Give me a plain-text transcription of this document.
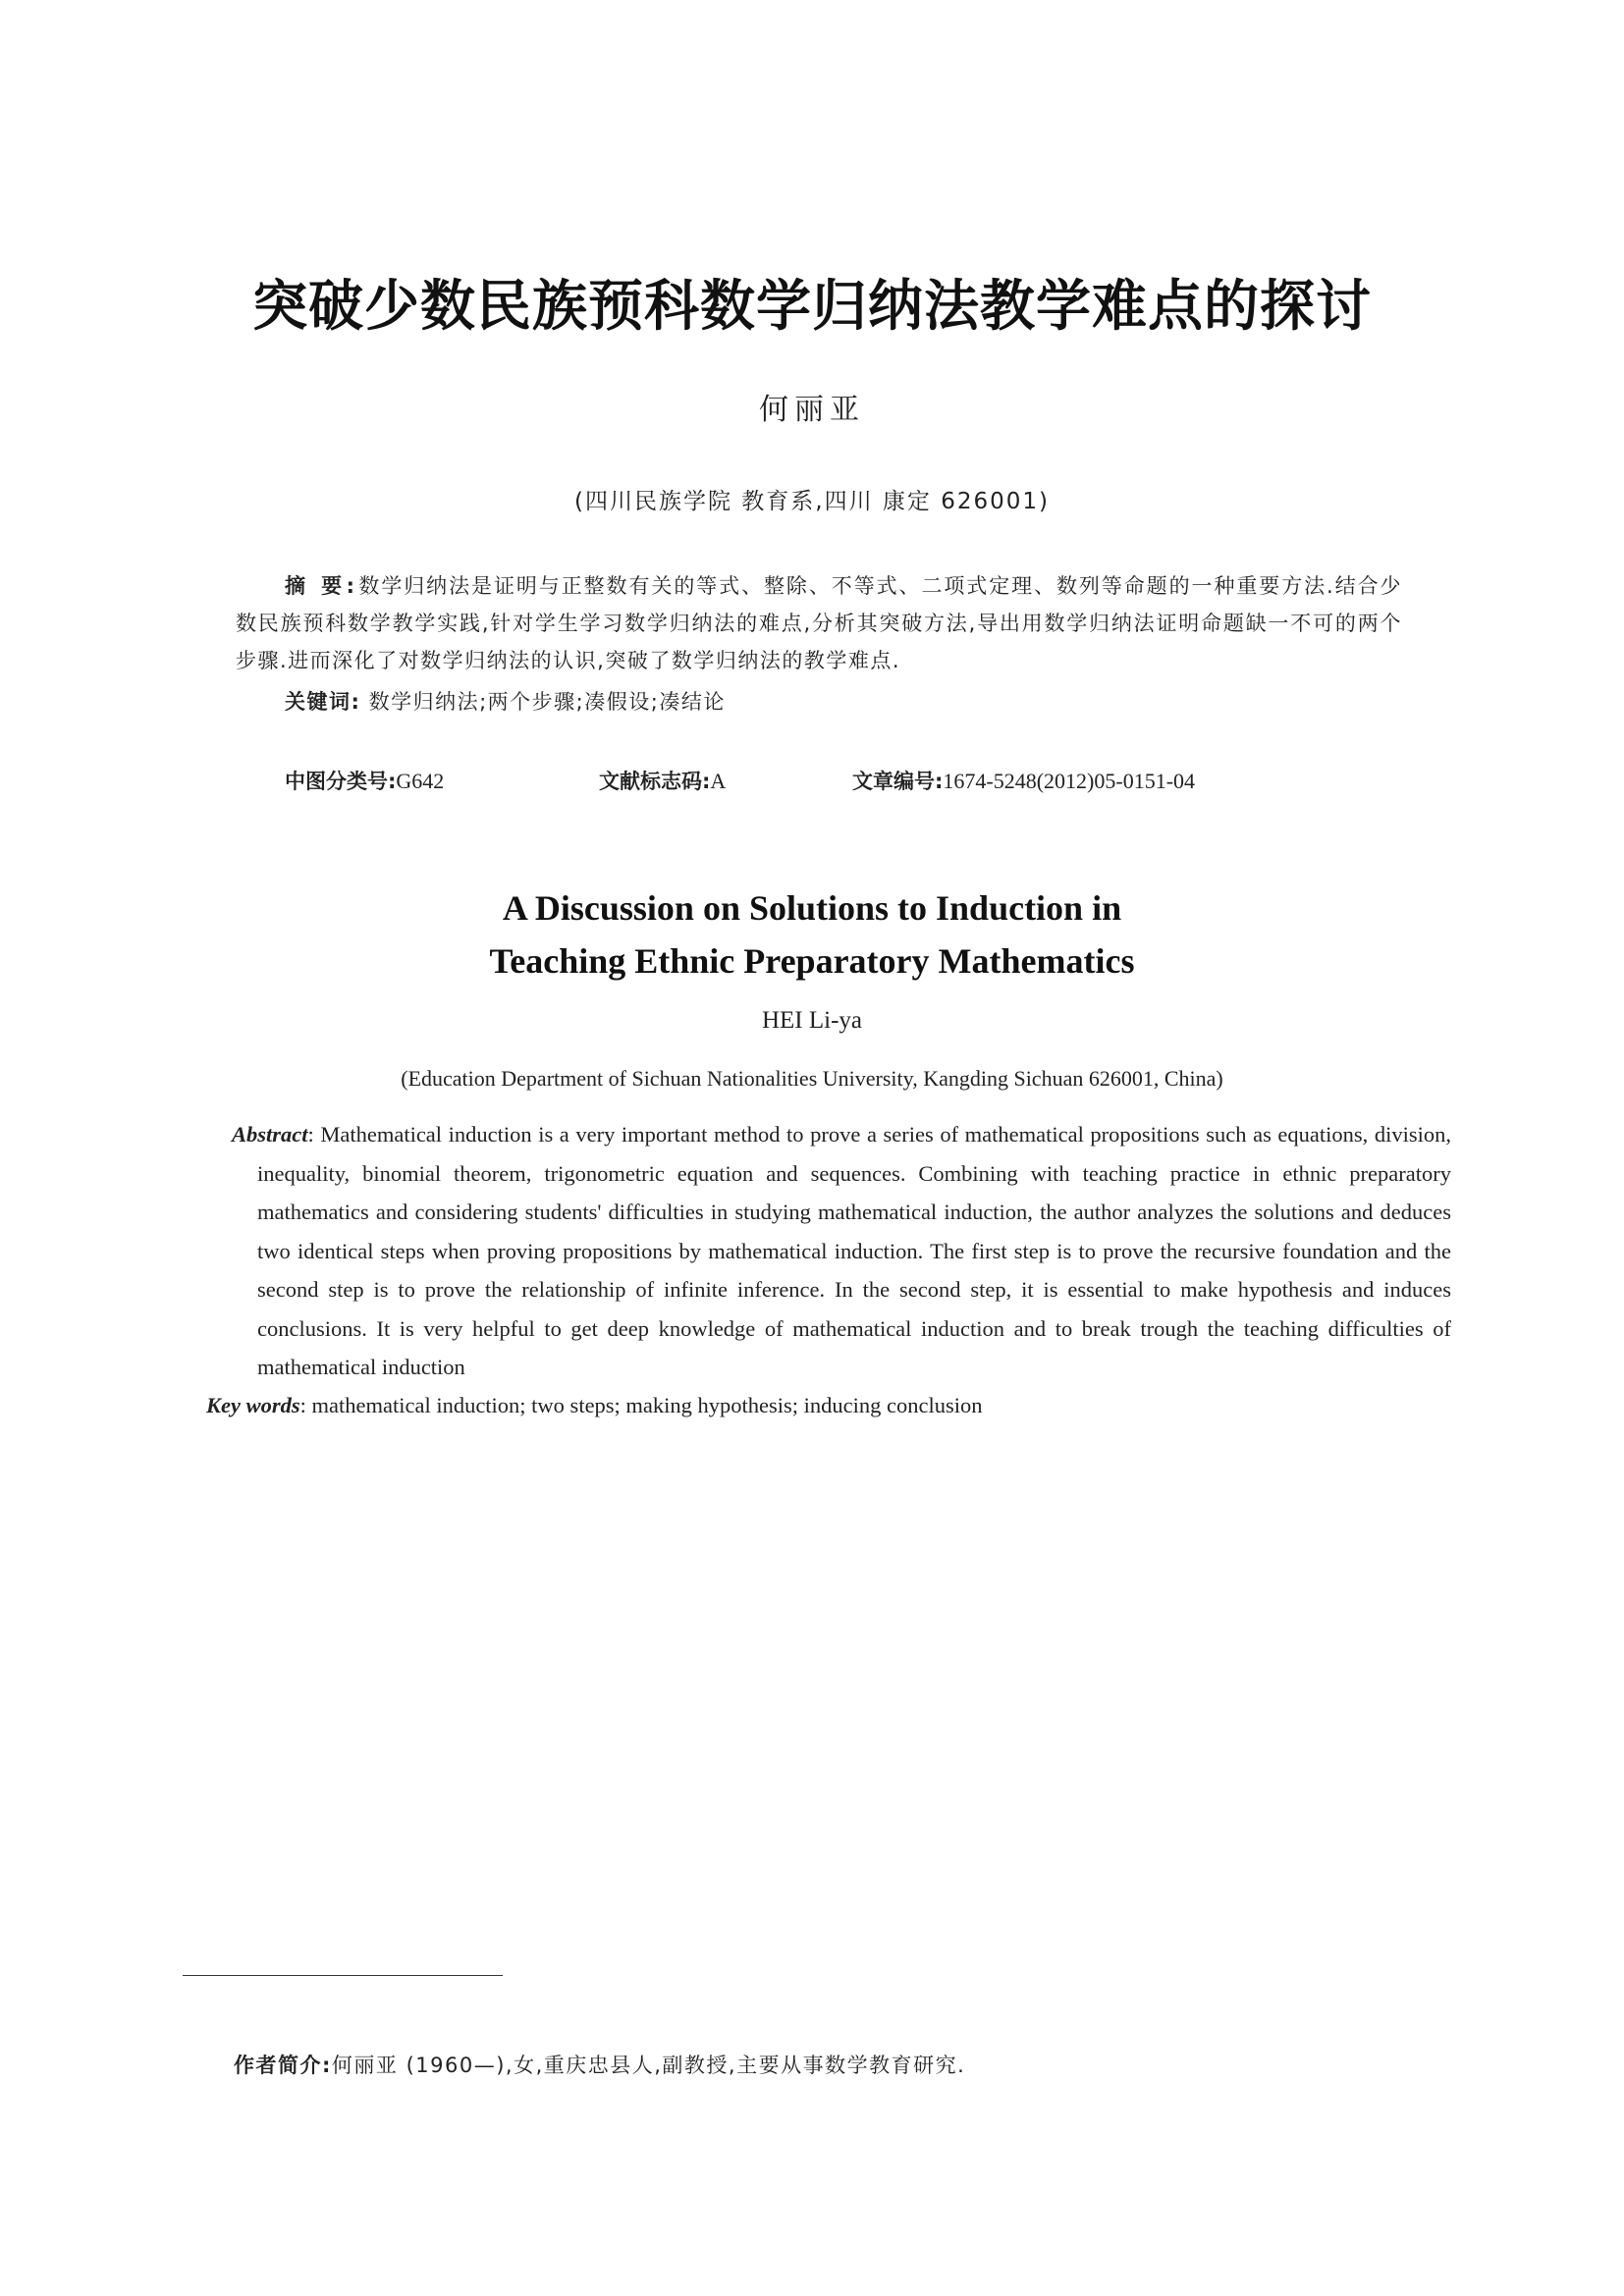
突破少数民族预科数学归纳法教学难点的探讨
何丽亚
(四川民族学院 教育系,四川 康定 626001)
摘 要:数学归纳法是证明与正整数有关的等式、整除、不等式、二项式定理、数列等命题的一种重要方法.结合少数民族预科数学教学实践,针对学生学习数学归纳法的难点,分析其突破方法,导出用数学归纳法证明命题缺一不可的两个步骤.进而深化了对数学归纳法的认识,突破了数学归纳法的教学难点.
关键词: 数学归纳法;两个步骤;凑假设;凑结论
中图分类号:G642	文献标志码:A	文章编号:1674-5248(2012)05-0151-04
A Discussion on Solutions to Induction in
Teaching Ethnic Preparatory Mathematics
HEI Li-ya
(Education Department of Sichuan Nationalities University, Kangding Sichuan 626001, China)
Abstract: Mathematical induction is a very important method to prove a series of mathematical propositions such as equations, division, inequality, binomial theorem, trigonometric equation and sequences. Combining with teaching practice in ethnic preparatory mathematics and considering students' difficulties in studying mathematical induction, the author analyzes the solutions and deduces two identical steps when proving propositions by mathematical induction. The first step is to prove the recursive foundation and the second step is to prove the relationship of infinite inference. In the second step, it is essential to make hypothesis and induces conclusions. It is very helpful to get deep knowledge of mathematical induction and to break trough the teaching difficulties of mathematical induction
Key words: mathematical induction; two steps; making hypothesis; inducing conclusion
作者简介:何丽亚 (1960—),女,重庆忠县人,副教授,主要从事数学教育研究.
